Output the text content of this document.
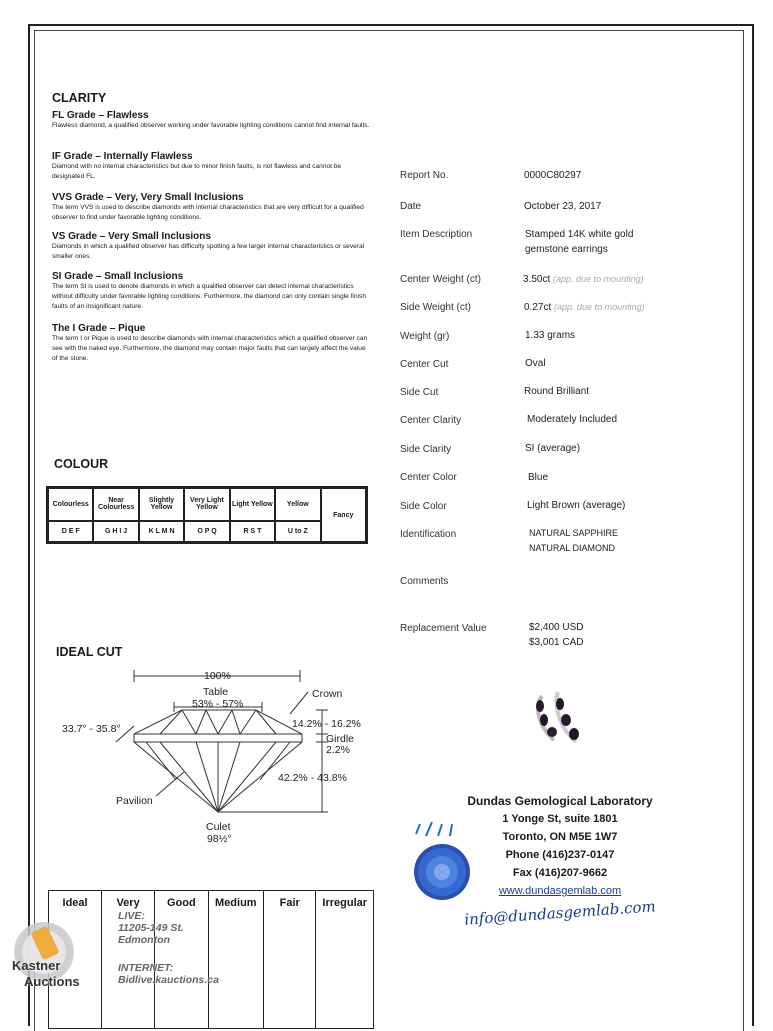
CLARITY
FL Grade – Flawless
Flawless diamond, a qualified observer working under favorable lighting conditions cannot find internal faults.
IF Grade – Internally Flawless
Diamond with no internal characteristics but due to minor finish faults, is not flawless and cannot be designated FL.
VVS Grade – Very, Very Small Inclusions
The term VVS is used to describe diamonds with internal characteristics that are very difficult for a qualified observer to find under favorable lighting conditions.
VS Grade – Very Small Inclusions
Diamonds in which a qualified observer has difficulty spotting a few larger internal characteristics or several smaller ones.
SI Grade – Small Inclusions
The term SI is used to denote diamonds in which a qualified observer can detect internal characteristics without difficulty under favorable lighting conditions. Furthermore, the diamond can only contain single finish faults of an insignificant nature.
The I Grade – Pique
The term I or Pique is used to describe diamonds with internal characteristics which a qualified observer can see with the naked eye. Furthermore, the diamond may contain major faults that can largely affect the value of the stone.
COLOUR
Colourless	Near Colourless	Slightly Yellow	Very Light Yellow	Light Yellow	Yellow	Fancy
D E F	G H I J	K L M N	O P Q	R S T	U to Z	
Report No.	0000C80297
Date	October 23, 2017
Item Description	Stamped 14K white gold
gemstone earrings
Center Weight (ct)	3.50ct (app. due to mounting)
Side Weight (ct)	0.27ct (app. due to mounting)
Weight (gr)	1.33 grams
Center Cut	Oval
Side Cut	Round Brilliant
Center Clarity	Moderately Included
Side Clarity	SI (average)
Center Color	Blue
Side Color	Light Brown (average)
Identification	NATURAL SAPPHIRE
NATURAL DIAMOND
Comments
Replacement Value	$2,400 USD
$3,001 CAD
IDEAL CUT
100%
Table
53% - 57%
Crown
33.7° - 35.8°	14.2% - 16.2%
Girdle
2.2%
42.2% - 43.8%
Pavilion
Culet
98½°
Dundas Gemological Laboratory
1 Yonge St, suite 1801
Toronto, ON M5E 1W7
Phone (416)237-0147
Fax (416)207-9662
www.dundasgemlab.com
info@dundasgemlab.com
Ideal	Very	Good	Medium	Fair	Irregular
Kastner
Auctions
LIVE:
11205-149 St.
Edmonton
INTERNET:
Bidlive.kauctions.ca
